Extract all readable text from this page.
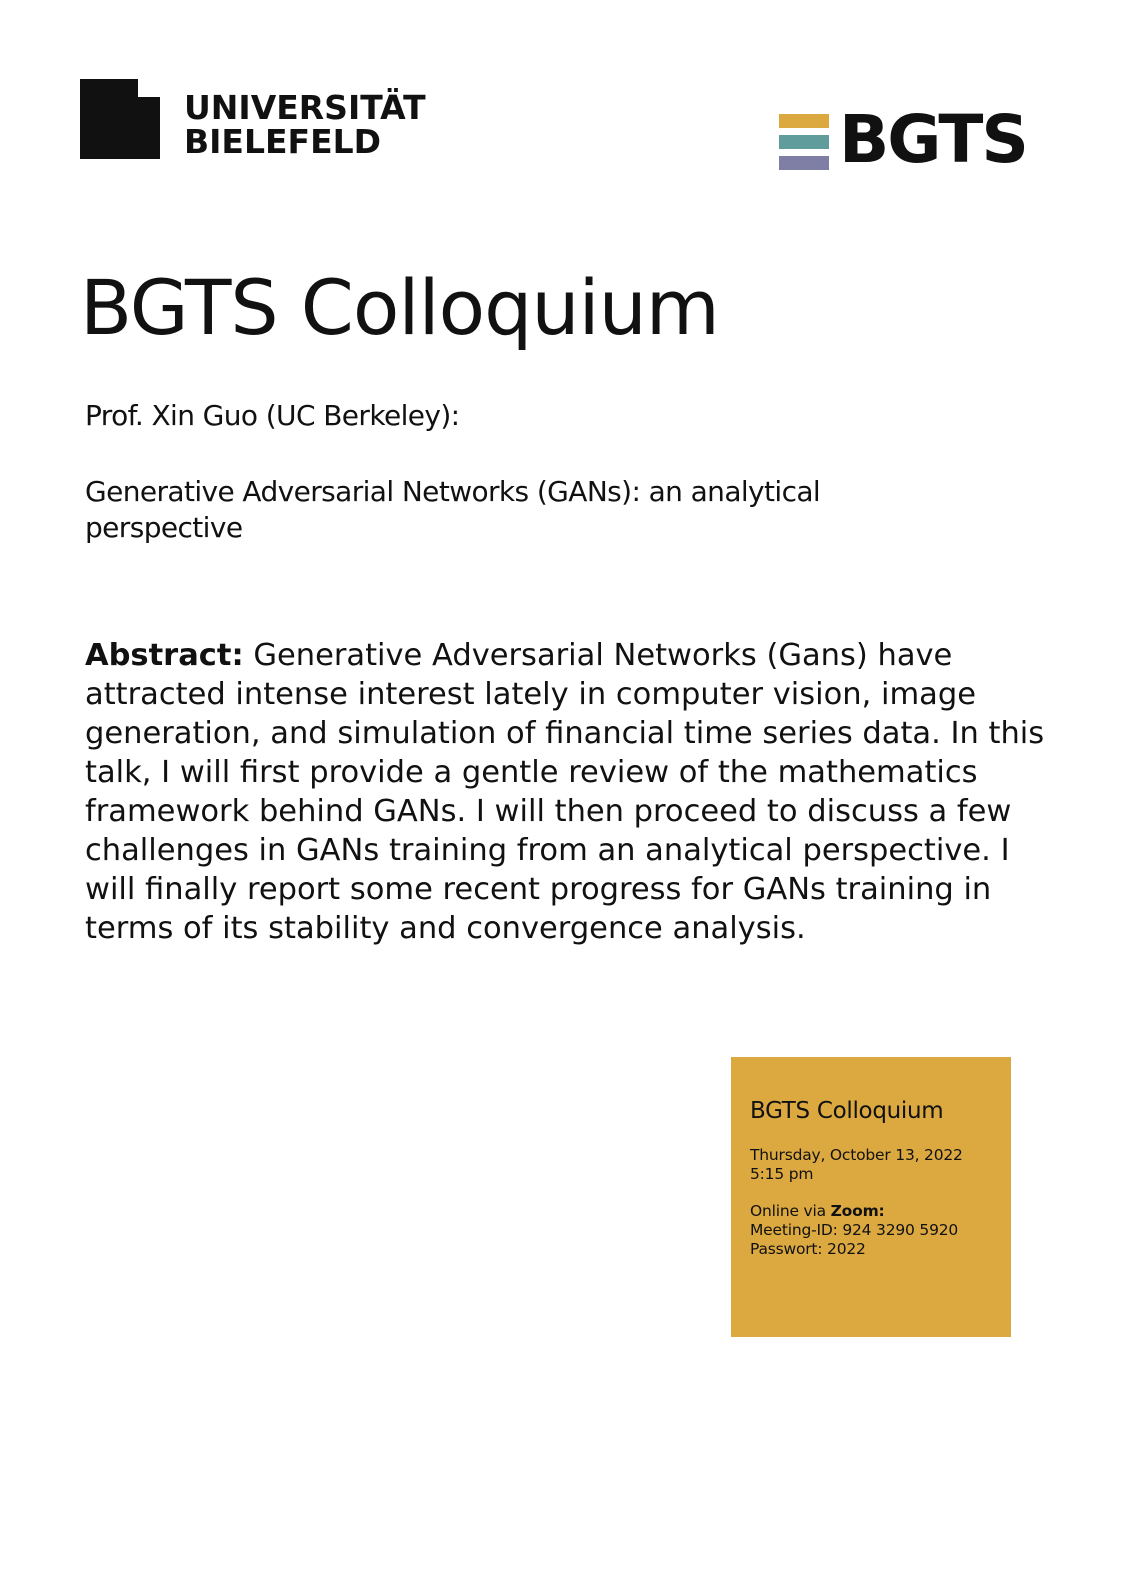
UNIVERSITÄT
BIELEFELD	BGTS
BGTS Colloquium
Prof. Xin Guo (UC Berkeley):
Generative Adversarial Networks (GANs): an analytical perspective
Abstract: Generative Adversarial Networks (Gans) have attracted intense interest lately in computer vision, image generation, and simulation of financial time series data. In this talk, I will first provide a gentle review of the mathematics framework behind GANs. I will then proceed to discuss a few challenges in GANs training from an analytical perspective. I will finally report some recent progress for GANs training in terms of its stability and convergence analysis.
BGTS Colloquium
Thursday, October 13, 2022
5:15 pm
Online via Zoom:
Meeting-ID: 924 3290 5920
Passwort: 2022
